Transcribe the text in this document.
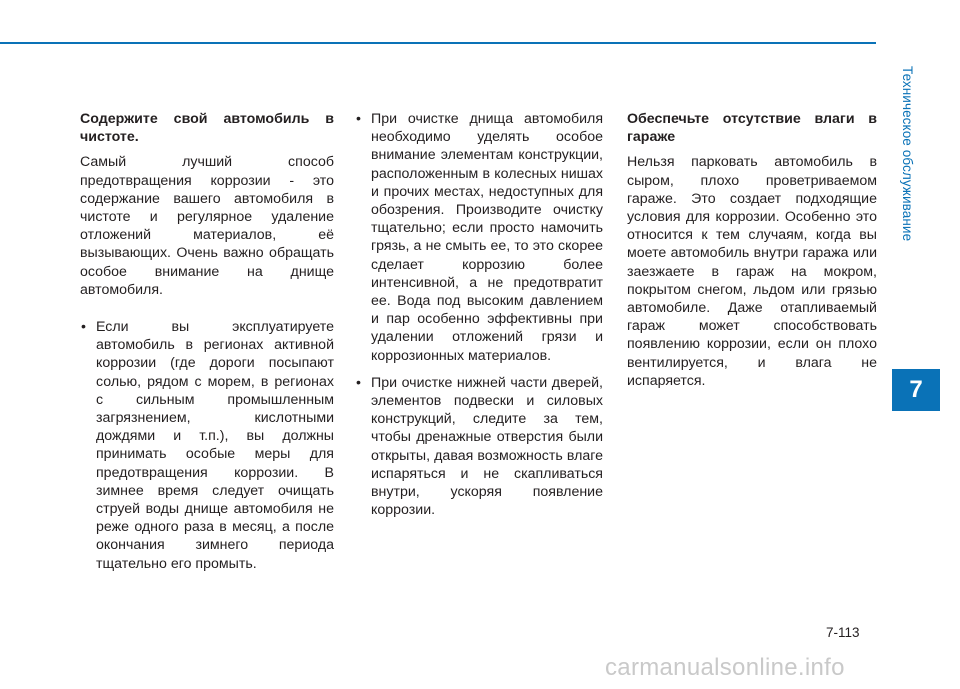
Техническое обслуживание
7
Содержите свой автомобиль в чистоте.

Самый лучший способ предотвращения коррозии - это содержание вашего автомобиля в чистоте и регулярное удаление отложений материалов, её вызывающих. Очень важно обращать особое внимание на днище автомобиля.

• Если вы эксплуатируете автомобиль в регионах активной коррозии (где дороги посыпают солью, рядом с морем, в регионах с сильным промышленным загрязнением, кислотными дождями и т.п.), вы должны принимать особые меры для предотвращения коррозии. В зимнее время следует очищать струей воды днище автомобиля не реже одного раза в месяц, а после окончания зимнего периода тщательно его промыть.
• При очистке днища автомобиля необходимо уделять особое внимание элементам конструкции, расположенным в колесных нишах и прочих местах, недоступных для обозрения. Производите очистку тщательно; если просто намочить грязь, а не смыть ее, то это скорее сделает коррозию более интенсивной, а не предотвратит ее. Вода под высоким давлением и пар особенно эффективны при удалении отложений грязи и коррозионных материалов.
• При очистке нижней части дверей, элементов подвески и силовых конструкций, следите за тем, чтобы дренажные отверстия были открыты, давая возможность влаге испаряться и не скапливаться внутри, ускоряя появление коррозии.
Обеспечьте отсутствие влаги в гараже

Нельзя парковать автомобиль в сыром, плохо проветриваемом гараже. Это создает подходящие условия для коррозии. Особенно это относится к тем случаям, когда вы моете автомобиль внутри гаража или заезжаете в гараж на мокром, покрытом снегом, льдом или грязью автомобиле. Даже отапливаемый гараж может способствовать появлению коррозии, если он плохо вентилируется, и влага не испаряется.

7-113
carmanualsonline.info
